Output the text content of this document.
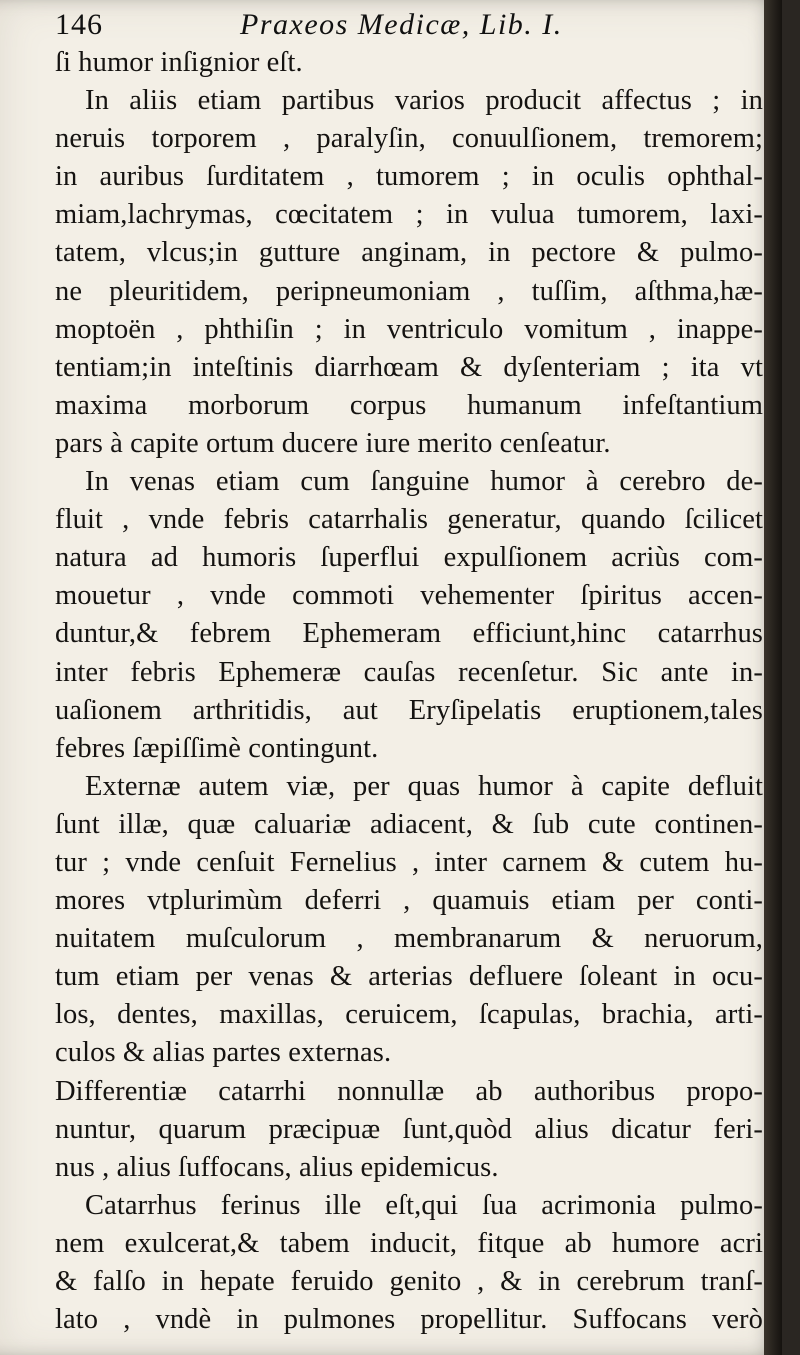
146	Praxeos Medicæ, Lib. I.
ſi humor inſignior eſt.
In aliis etiam partibus varios producit affectus ; in
neruis torporem , paralyſin, conuulſionem, tremorem;
in auribus ſurditatem , tumorem ; in oculis ophthal-
miam,lachrymas, cœcitatem ; in vulua tumorem, laxi-
tatem, vlcus;in gutture anginam, in pectore & pulmo-
ne pleuritidem, peripneumoniam , tuſſim, aſthma,hæ-
moptoën , phthiſin ; in ventriculo vomitum , inappe-
tentiam;in inteſtinis diarrhœam & dyſenteriam ; ita vt
maxima morborum corpus humanum infeſtantium
pars à capite ortum ducere iure merito cenſeatur.
In venas etiam cum ſanguine humor à cerebro de-
fluit , vnde febris catarrhalis generatur, quando ſcilicet
natura ad humoris ſuperflui expulſionem acriùs com-
mouetur , vnde commoti vehementer ſpiritus accen-
duntur,& febrem Ephemeram efficiunt,hinc catarrhus
inter febris Ephemeræ cauſas recenſetur. Sic ante in-
uaſionem arthritidis, aut Eryſipelatis eruptionem,tales
febres ſæpiſſimè contingunt.
Externæ autem viæ, per quas humor à capite defluit
ſunt illæ, quæ caluariæ adiacent, & ſub cute continen-
tur ; vnde cenſuit Fernelius , inter carnem & cutem hu-
mores vtplurimùm deferri , quamuis etiam per conti-
nuitatem muſculorum , membranarum & neruorum,
tum etiam per venas & arterias defluere ſoleant in ocu-
los, dentes, maxillas, ceruicem, ſcapulas, brachia, arti-
culos & alias partes externas.
Differentiæ catarrhi nonnullæ ab authoribus propo-
nuntur, quarum præcipuæ ſunt,quòd alius dicatur feri-
nus , alius ſuffocans, alius epidemicus.
Catarrhus ferinus ille eſt,qui ſua acrimonia pulmo-
nem exulcerat,& tabem inducit, fitque ab humore acri
& falſo in hepate feruido genito , & in cerebrum tranſ-
lato , vndè in pulmones propellitur. Suffocans verò
